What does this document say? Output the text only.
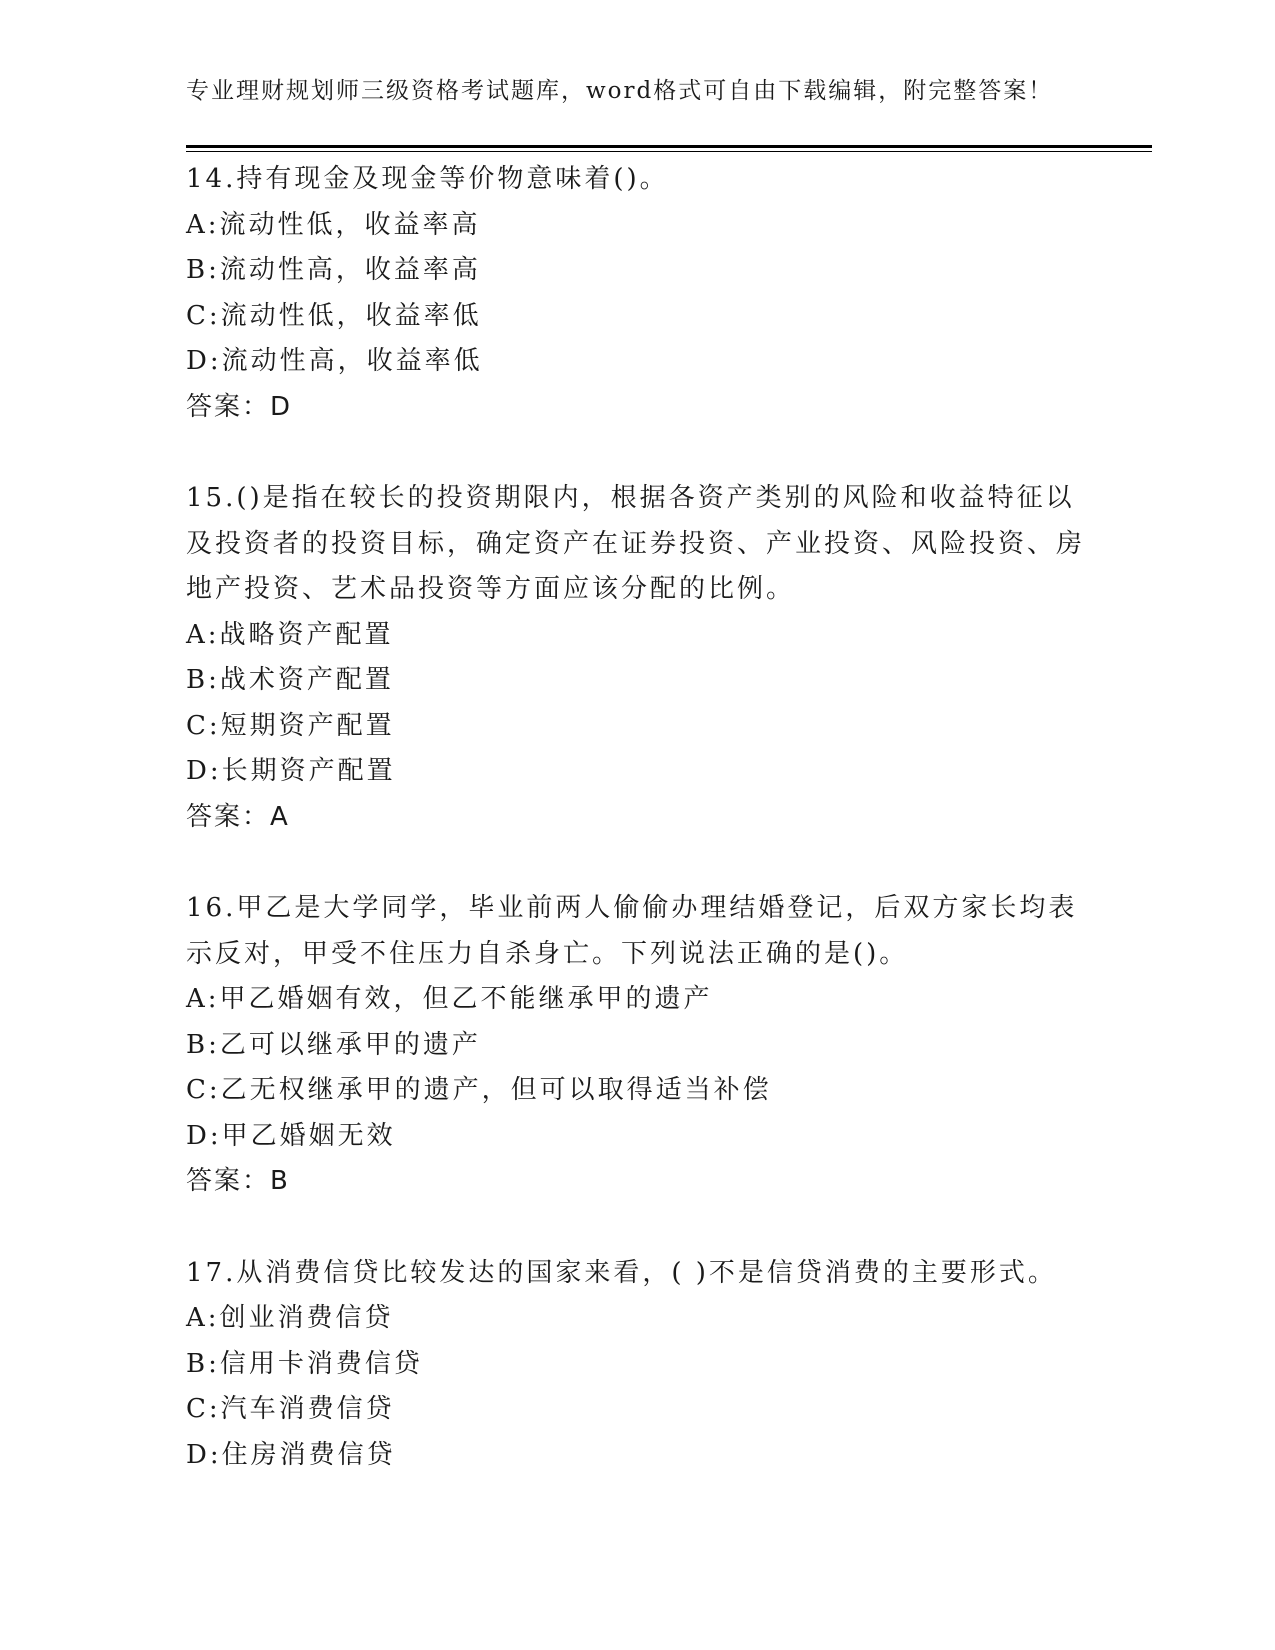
专业理财规划师三级资格考试题库，word格式可自由下载编辑，附完整答案！

14.持有现金及现金等价物意味着()。

A:流动性低，收益率高

B:流动性高，收益率高

C:流动性低，收益率低

D:流动性高，收益率低

答案：D

15.()是指在较长的投资期限内，根据各资产类别的风险和收益特征以及投资者的投资目标，确定资产在证券投资、产业投资、风险投资、房地产投资、艺术品投资等方面应该分配的比例。

A:战略资产配置

B:战术资产配置

C:短期资产配置

D:长期资产配置

答案：A

16.甲乙是大学同学，毕业前两人偷偷办理结婚登记，后双方家长均表示反对，甲受不住压力自杀身亡。下列说法正确的是()。

A:甲乙婚姻有效，但乙不能继承甲的遗产

B:乙可以继承甲的遗产

C:乙无权继承甲的遗产，但可以取得适当补偿

D:甲乙婚姻无效

答案：B

17.从消费信贷比较发达的国家来看，( )不是信贷消费的主要形式。

A:创业消费信贷

B:信用卡消费信贷

C:汽车消费信贷

D:住房消费信贷
